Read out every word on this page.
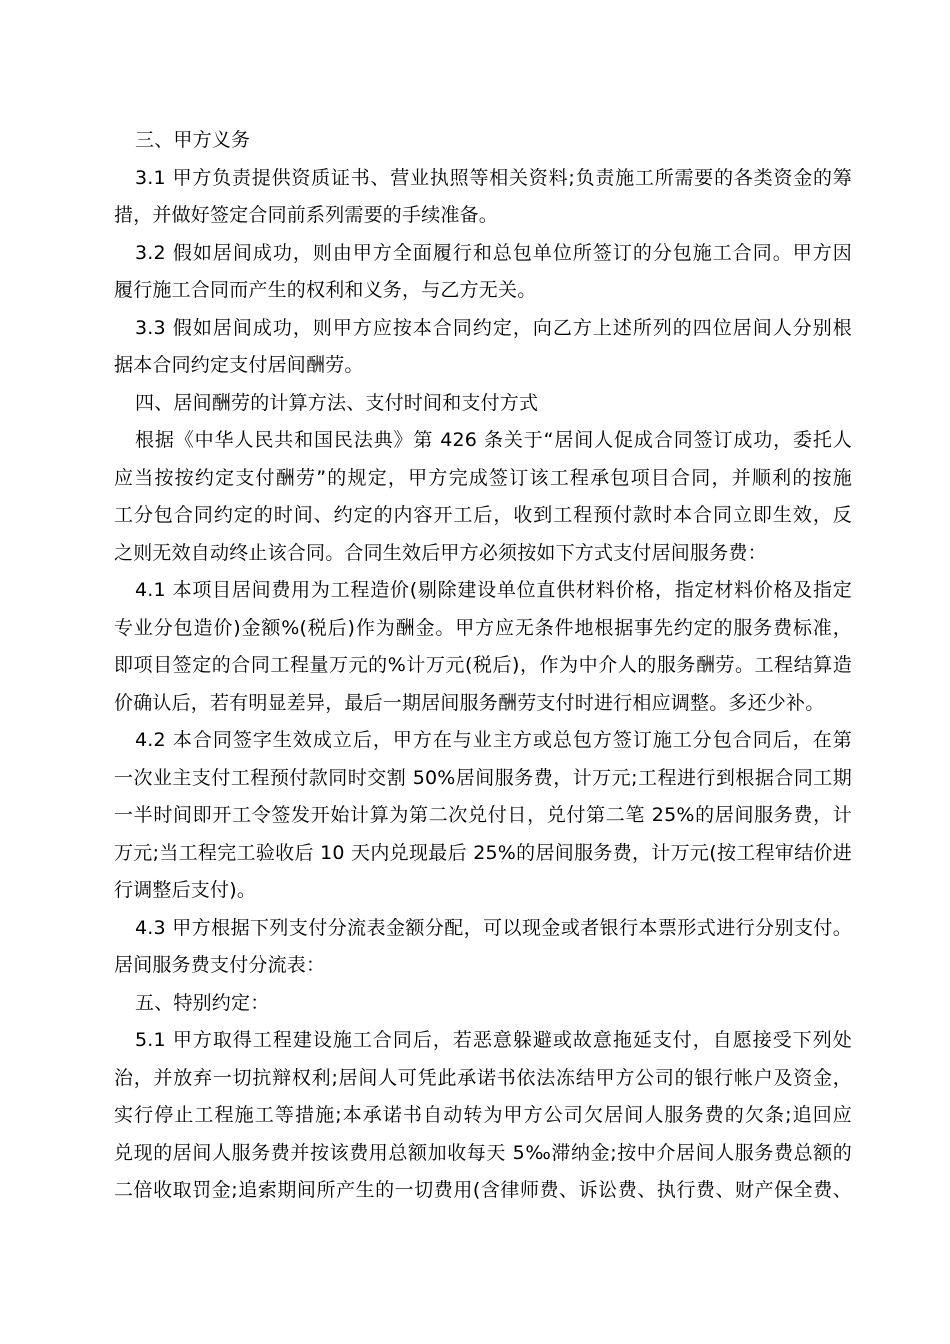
三、甲方义务
3.1 甲方负责提供资质证书、营业执照等相关资料;负责施工所需要的各类资金的筹
措，并做好签定合同前系列需要的手续准备。
3.2 假如居间成功，则由甲方全面履行和总包单位所签订的分包施工合同。甲方因
履行施工合同而产生的权利和义务，与乙方无关。
3.3 假如居间成功，则甲方应按本合同约定，向乙方上述所列的四位居间人分别根
据本合同约定支付居间酬劳。
四、居间酬劳的计算方法、支付时间和支付方式
根据《中华人民共和国民法典》第 426 条关于“居间人促成合同签订成功，委托人
应当按按约定支付酬劳”的规定，甲方完成签订该工程承包项目合同，并顺利的按施
工分包合同约定的时间、约定的内容开工后，收到工程预付款时本合同立即生效，反
之则无效自动终止该合同。合同生效后甲方必须按如下方式支付居间服务费：
4.1 本项目居间费用为工程造价(剔除建设单位直供材料价格，指定材料价格及指定
专业分包造价)金额%(税后)作为酬金。甲方应无条件地根据事先约定的服务费标准，
即项目签定的合同工程量万元的%计万元(税后)，作为中介人的服务酬劳。工程结算造
价确认后，若有明显差异，最后一期居间服务酬劳支付时进行相应调整。多还少补。
4.2 本合同签字生效成立后，甲方在与业主方或总包方签订施工分包合同后，在第
一次业主支付工程预付款同时交割 50%居间服务费，计万元;工程进行到根据合同工期
一半时间即开工令签发开始计算为第二次兑付日，兑付第二笔 25%的居间服务费，计
万元;当工程完工验收后 10 天内兑现最后 25%的居间服务费，计万元(按工程审结价进
行调整后支付)。
4.3 甲方根据下列支付分流表金额分配，可以现金或者银行本票形式进行分别支付。
居间服务费支付分流表：
五、特别约定：
5.1 甲方取得工程建设施工合同后，若恶意躲避或故意拖延支付，自愿接受下列处
治，并放弃一切抗辩权利;居间人可凭此承诺书依法冻结甲方公司的银行帐户及资金，
实行停止工程施工等措施;本承诺书自动转为甲方公司欠居间人服务费的欠条;追回应
兑现的居间人服务费并按该费用总额加收每天 5‰滞纳金;按中介居间人服务费总额的
二倍收取罚金;追索期间所产生的一切费用(含律师费、诉讼费、执行费、财产保全费、
